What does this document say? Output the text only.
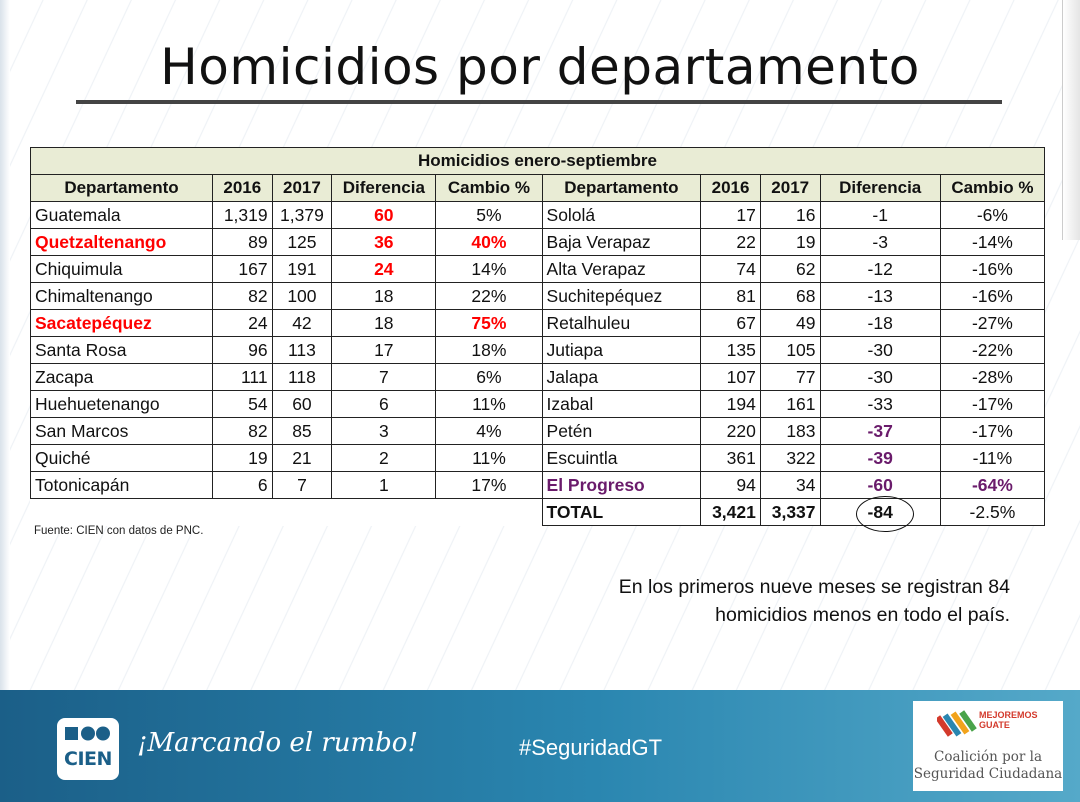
Homicidios por departamento
Homicidios enero-septiembre									
Departamento	2016	2017	Diferencia	Cambio %	Departamento	2016	2017	Diferencia	Cambio %
Guatemala	1,319	1,379	60	5%	Sololá	17	16	-1	-6%
Quetzaltenango	89	125	36	40%	Baja Verapaz	22	19	-3	-14%
Chiquimula	167	191	24	14%	Alta Verapaz	74	62	-12	-16%
Chimaltenango	82	100	18	22%	Suchitepéquez	81	68	-13	-16%
Sacatepéquez	24	42	18	75%	Retalhuleu	67	49	-18	-27%
Santa Rosa	96	113	17	18%	Jutiapa	135	105	-30	-22%
Zacapa	111	118	7	6%	Jalapa	107	77	-30	-28%
Huehuetenango	54	60	6	11%	Izabal	194	161	-33	-17%
San Marcos	82	85	3	4%	Petén	220	183	-37	-17%
Quiché	19	21	2	11%	Escuintla	361	322	-39	-11%
Totonicapán	6	7	1	17%	El Progreso	94	34	-60	-64%
					TOTAL	3,421	3,337	-84	-2.5%
Fuente: CIEN con datos de PNC.
En los primeros nueve meses se registran 84
homicidios menos en todo el país.
CIEN
¡Marcando el rumbo!	#SeguridadGT
MEJOREMOS
GUATE
Coalición por la
Seguridad Ciudadana
